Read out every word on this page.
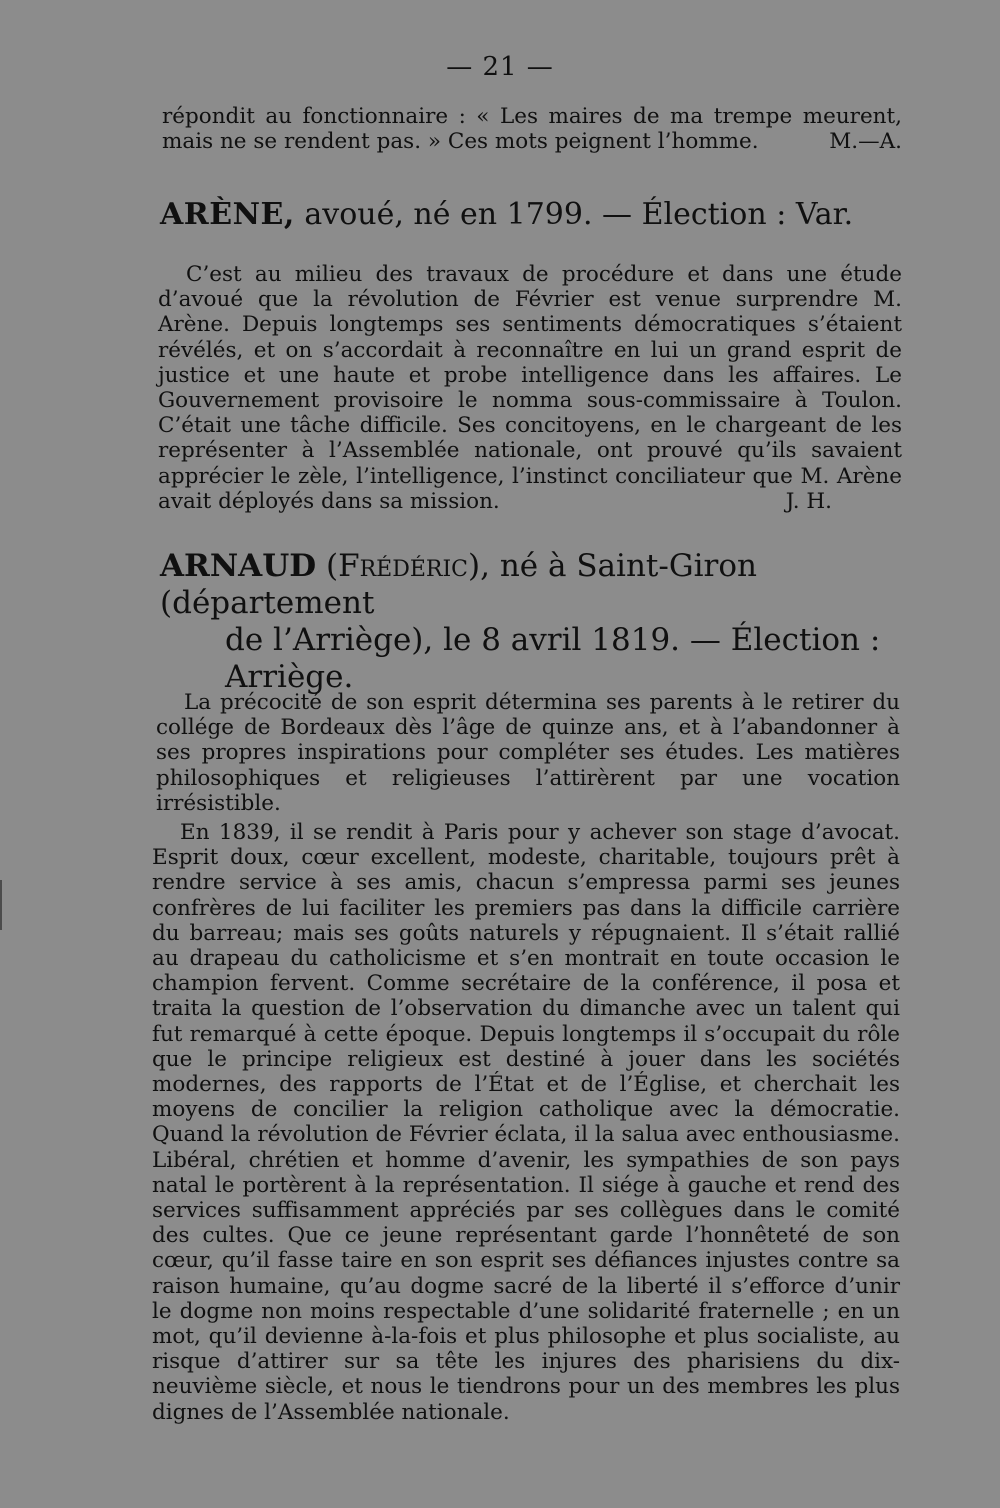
— 21 —

répondit au fonctionnaire : « Les maires de ma trempe meurent, mais ne se rendent pas. » Ces mots peignent l’homme.	M.—A.

ARÈNE, avoué, né en 1799. — Élection : Var.

C’est au milieu des travaux de procédure et dans une étude d’avoué que la révolution de Février est venue surprendre M. Arène. Depuis longtemps ses sentiments démocratiques s’étaient révélés, et on s’accordait à reconnaître en lui un grand esprit de justice et une haute et probe intelligence dans les affaires. Le Gouvernement provisoire le nomma sous-commissaire à Toulon. C’était une tâche difficile. Ses concitoyens, en le chargeant de les représenter à l’Assemblée nationale, ont prouvé qu’ils savaient apprécier le zèle, l’intelligence, l’instinct conciliateur que M. Arène avait déployés dans sa mission.	J. H.

ARNAUD (Frédéric), né à Saint-Giron (département
de l’Arriège), le 8 avril 1819. — Élection : Arriège.

La précocité de son esprit détermina ses parents à le retirer du collége de Bordeaux dès l’âge de quinze ans, et à l’abandonner à ses propres inspirations pour compléter ses études. Les matières philosophiques et religieuses l’attirèrent par une vocation irrésistible.

En 1839, il se rendit à Paris pour y achever son stage d’avocat. Esprit doux, cœur excellent, modeste, charitable, toujours prêt à rendre service à ses amis, chacun s’empressa parmi ses jeunes confrères de lui faciliter les premiers pas dans la difficile carrière du barreau; mais ses goûts naturels y répugnaient. Il s’était rallié au drapeau du catholicisme et s’en montrait en toute occasion le champion fervent. Comme secrétaire de la conférence, il posa et traita la question de l’observation du dimanche avec un talent qui fut remarqué à cette époque. Depuis longtemps il s’occupait du rôle que le principe religieux est destiné à jouer dans les sociétés modernes, des rapports de l’État et de l’Église, et cherchait les moyens de concilier la religion catholique avec la démocratie. Quand la révolution de Février éclata, il la salua avec enthousiasme. Libéral, chrétien et homme d’avenir, les sympathies de son pays natal le portèrent à la représentation. Il siége à gauche et rend des services suffisamment appréciés par ses collègues dans le comité des cultes. Que ce jeune représentant garde l’honnêteté de son cœur, qu’il fasse taire en son esprit ses défiances injustes contre sa raison humaine, qu’au dogme sacré de la liberté il s’efforce d’unir le dogme non moins respectable d’une solidarité fraternelle ; en un mot, qu’il devienne à-la-fois et plus philosophe et plus socialiste, au risque d’attirer sur sa tête les injures des pharisiens du dix-neuvième siècle, et nous le tiendrons pour un des membres les plus dignes de l’Assemblée nationale.
